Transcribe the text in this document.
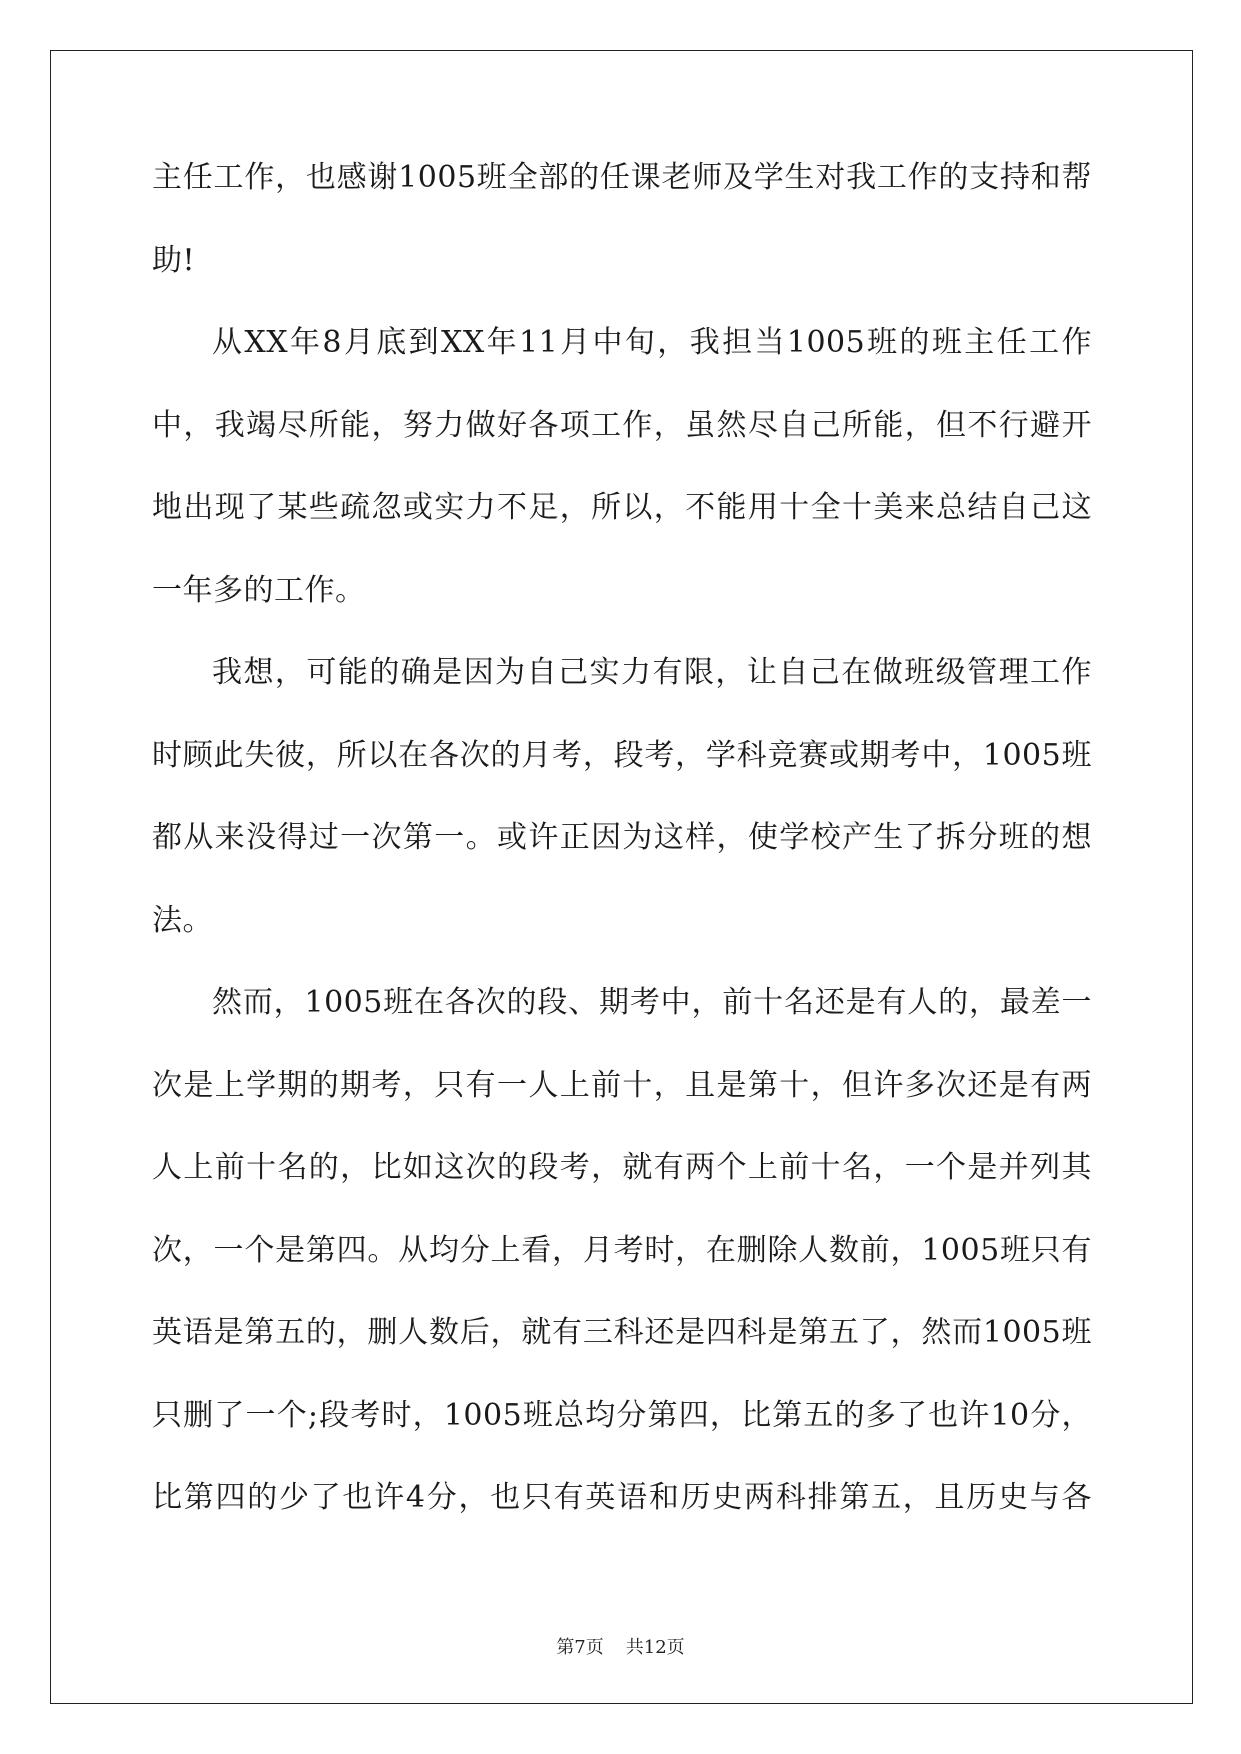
主任工作，也感谢1005班全部的任课老师及学生对我工作的支持和帮
助!
从XX年8月底到XX年11月中旬，我担当1005班的班主任工作
中，我竭尽所能，努力做好各项工作，虽然尽自己所能，但不行避开
地出现了某些疏忽或实力不足，所以，不能用十全十美来总结自己这
一年多的工作。
我想，可能的确是因为自己实力有限，让自己在做班级管理工作
时顾此失彼，所以在各次的月考，段考，学科竞赛或期考中，1005班
都从来没得过一次第一。或许正因为这样，使学校产生了拆分班的想
法。
然而，1005班在各次的段、期考中，前十名还是有人的，最差一
次是上学期的期考，只有一人上前十，且是第十，但许多次还是有两
人上前十名的，比如这次的段考，就有两个上前十名，一个是并列其
次，一个是第四。从均分上看，月考时，在删除人数前，1005班只有
英语是第五的，删人数后，就有三科还是四科是第五了，然而1005班
只删了一个;段考时，1005班总均分第四，比第五的多了也许10分，
比第四的少了也许4分，也只有英语和历史两科排第五，且历史与各
第7页 共12页
